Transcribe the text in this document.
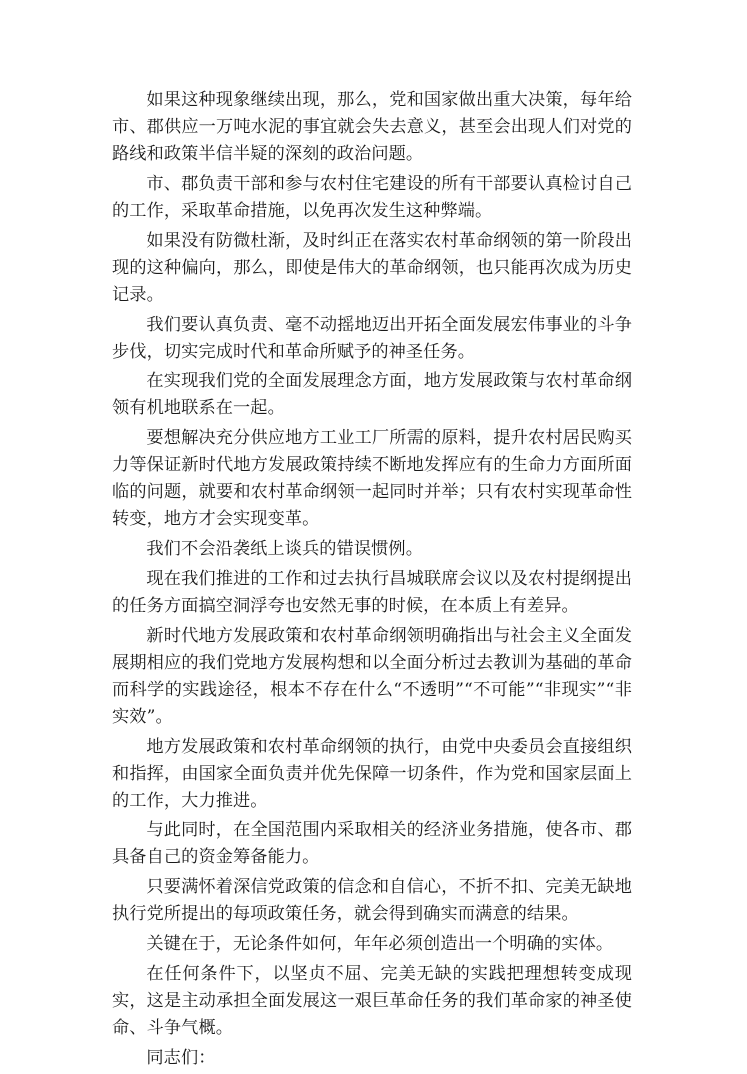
如果这种现象继续出现，那么，党和国家做出重大决策，每年给市、郡供应一万吨水泥的事宜就会失去意义，甚至会出现人们对党的路线和政策半信半疑的深刻的政治问题。

市、郡负责干部和参与农村住宅建设的所有干部要认真检讨自己的工作，采取革命措施，以免再次发生这种弊端。

如果没有防微杜渐，及时纠正在落实农村革命纲领的第一阶段出现的这种偏向，那么，即使是伟大的革命纲领，也只能再次成为历史记录。

我们要认真负责、毫不动摇地迈出开拓全面发展宏伟事业的斗争步伐，切实完成时代和革命所赋予的神圣任务。

在实现我们党的全面发展理念方面，地方发展政策与农村革命纲领有机地联系在一起。

要想解决充分供应地方工业工厂所需的原料，提升农村居民购买力等保证新时代地方发展政策持续不断地发挥应有的生命力方面所面临的问题，就要和农村革命纲领一起同时并举；只有农村实现革命性转变，地方才会实现变革。

我们不会沿袭纸上谈兵的错误惯例。

现在我们推进的工作和过去执行昌城联席会议以及农村提纲提出的任务方面搞空洞浮夸也安然无事的时候，在本质上有差异。

新时代地方发展政策和农村革命纲领明确指出与社会主义全面发展期相应的我们党地方发展构想和以全面分析过去教训为基础的革命而科学的实践途径，根本不存在什么“不透明”“不可能”“非现实”“非实效”。

地方发展政策和农村革命纲领的执行，由党中央委员会直接组织和指挥，由国家全面负责并优先保障一切条件，作为党和国家层面上的工作，大力推进。

与此同时，在全国范围内采取相关的经济业务措施，使各市、郡具备自己的资金筹备能力。

只要满怀着深信党政策的信念和自信心，不折不扣、完美无缺地执行党所提出的每项政策任务，就会得到确实而满意的结果。

关键在于，无论条件如何，年年必须创造出一个明确的实体。

在任何条件下，以坚贞不屈、完美无缺的实践把理想转变成现实，这是主动承担全面发展这一艰巨革命任务的我们革命家的神圣使命、斗争气概。

同志们：
